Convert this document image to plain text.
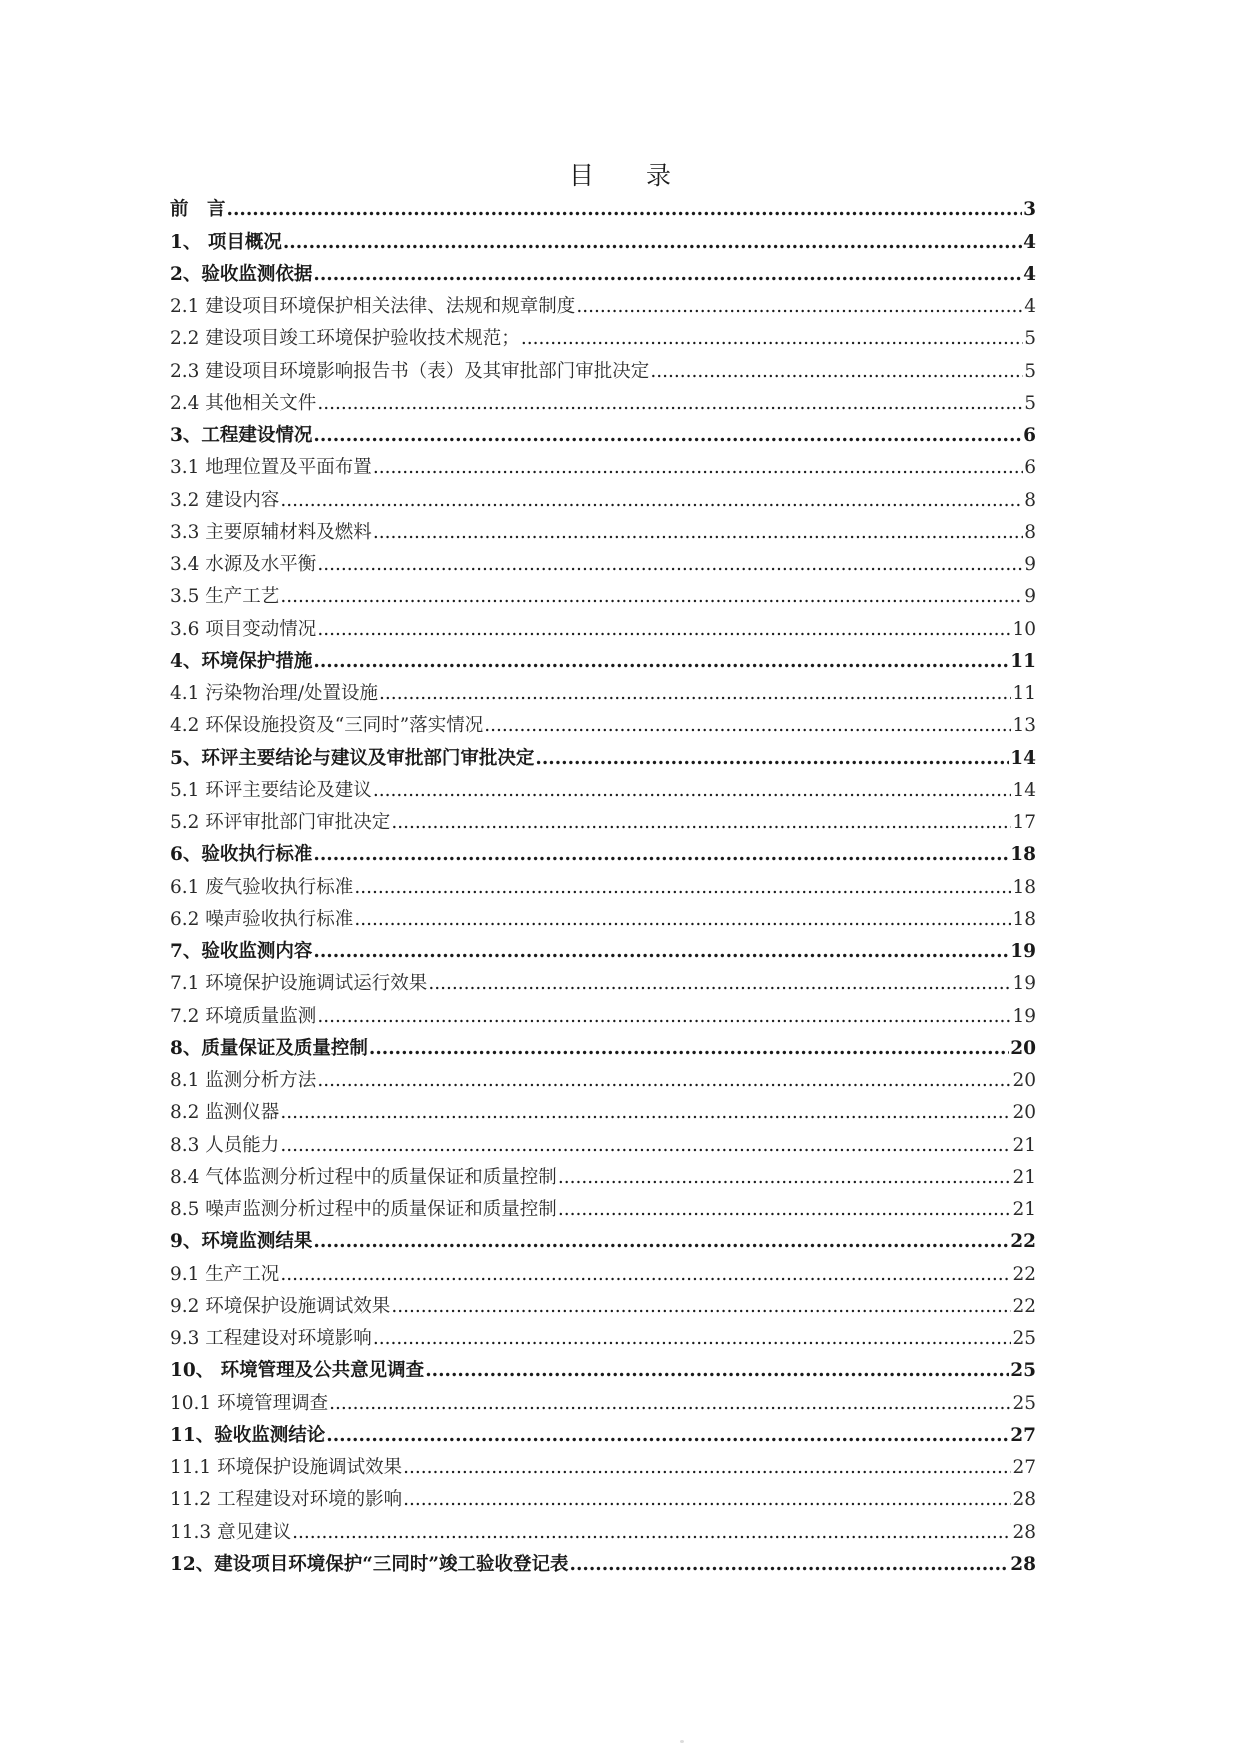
目 录
前　言 .....	3
1、 项目概况 .....	4
2、验收监测依据 .....	4
2.1 建设项目环境保护相关法律、法规和规章制度 .....	4
2.2 建设项目竣工环境保护验收技术规范； .....	5
2.3 建设项目环境影响报告书（表）及其审批部门审批决定 .....	5
2.4 其他相关文件 .....	5
3、工程建设情况 .....	6
3.1 地理位置及平面布置 .....	6
3.2 建设内容 .....	8
3.3 主要原辅材料及燃料 .....	8
3.4 水源及水平衡 .....	9
3.5 生产工艺 .....	9
3.6 项目变动情况 .....	10
4、环境保护措施 .....	11
4.1 污染物治理/处置设施 .....	11
4.2 环保设施投资及“三同时”落实情况 .....	13
5、环评主要结论与建议及审批部门审批决定 .....	14
5.1 环评主要结论及建议 .....	14
5.2 环评审批部门审批决定 .....	17
6、验收执行标准 .....	18
6.1 废气验收执行标准 .....	18
6.2 噪声验收执行标准 .....	18
7、验收监测内容 .....	19
7.1 环境保护设施调试运行效果 .....	19
7.2 环境质量监测 .....	19
8、质量保证及质量控制 .....	20
8.1 监测分析方法 .....	20
8.2 监测仪器 .....	20
8.3 人员能力 .....	21
8.4 气体监测分析过程中的质量保证和质量控制 .....	21
8.5 噪声监测分析过程中的质量保证和质量控制 .....	21
9、环境监测结果 .....	22
9.1 生产工况 .....	22
9.2 环境保护设施调试效果 .....	22
9.3 工程建设对环境影响 .....	25
10、 环境管理及公共意见调查 .....	25
10.1 环境管理调查 .....	25
11、验收监测结论 .....	27
11.1 环境保护设施调试效果 .....	27
11.2 工程建设对环境的影响 .....	28
11.3 意见建议 .....	28
12、建设项目环境保护“三同时”竣工验收登记表 .....	28
